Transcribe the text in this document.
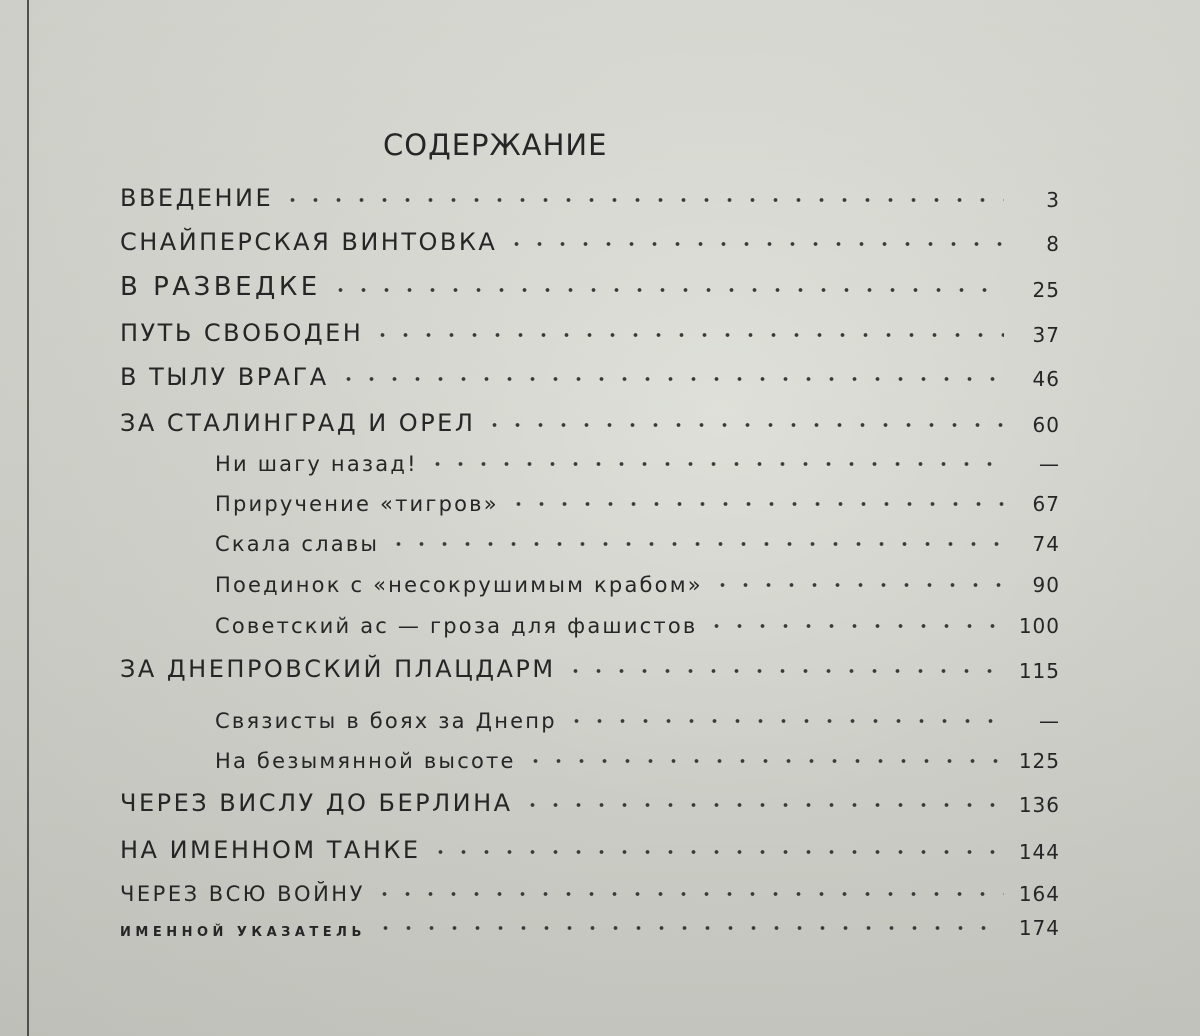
СОДЕРЖАНИЕ
ВВЕДЕНИЕ	3
СНАЙПЕРСКАЯ ВИНТОВКА	8
В РАЗВЕДКЕ	25
ПУТЬ СВОБОДЕН	37
В ТЫЛУ ВРАГА	46
ЗА СТАЛИНГРАД И ОРЕЛ	60
Ни шагу назад!	—
Приручение «тигров»	67
Скала славы	74
Поединок с «несокрушимым крабом»	90
Советский ас — гроза для фашистов	100
ЗА ДНЕПРОВСКИЙ ПЛАЦДАРМ	115
Связисты в боях за Днепр	—
На безымянной высоте	125
ЧЕРЕЗ ВИСЛУ ДО БЕРЛИНА	136
НА ИМЕННОМ ТАНКЕ	144
ЧЕРЕЗ ВСЮ ВОЙНУ	164
ИМЕННОЙ УКАЗАТЕЛЬ	174
